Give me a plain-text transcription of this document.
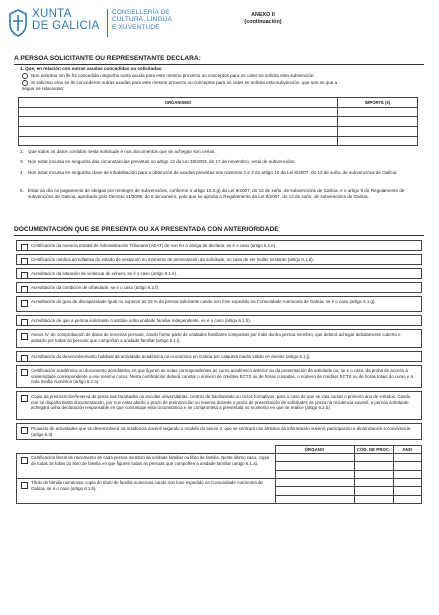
XUNTA
DE GALICIA
CONSELLERÍA DE
CULTURA, LINGUA
E XUVENTUDE
ANEXO II
(continuación)
A PERSOA SOLICITANTE OU REPRESENTANTE DECLARA:
1. Que, en relación con outras axudas concedidas ou solicitadas:
Non solicitou nin lle foi concedida ningunha outra axuda para este mesmo proxecto ou conceptos para os cales se solicita esta subvención.
Si solicitou e/ou se lle concederon outras axudas para este mesmo proxecto ou conceptos para os cales se solicita esta subvención, que son as que a
seguir se relacionan:
ORGANISMO	IMPORTE (€)

2. Que todos os datos contidos nesta solicitude e nos documentos que se achegan son certos.
3. Non estar incursa en ningunha das circunstancias previstas no artigo 13 da Lei 38/2003, do 17 de novembro, xeral de subvencións.
4. Non estar incursa en ningunha clase de inhabilitación para a obtención de axudas previstas nos números 2 e 3 do artigo 10 da Lei 9/2007, do 13 de xuño, de subvencións de Galicia.
5. Estar ao día no pagamento de obrigas por reintegro de subvencións, conforme o artigo 10.2.g) da Lei 9/2007, do 13 de xuño, de subvencións de Galicia, e o artigo 9 do Regulamento de subvencións de Galicia, aprobado polo Decreto 11/2009, do 8 de xaneiro, polo que se aproba o Regulamento da Lei 9/2007, do 13 de xuño, de subvencións de Galicia.
DOCUMENTACIÓN QUE SE PRESENTA OU XA PRESENTADA CON ANTERIORIDADE
Certificación da Axencia Estatal de Administración Tributaria (AEAT) de non ter a obriga de declarar, se é o caso (artigo 6.1.e).
Certificación médica acreditativa do estado de xestación no momento de presentación da solicitude, no caso de ser muller xestante (artigo 6.1.d).
Acreditación da situación de violencia de xénero, se é o caso (artigo 6.1.e).
Acreditación da condición de orfandade, se é o caso (artigo 6.1.f).
Acreditación do grao de discapacidade igual ou superior ao 33 % da persoa solicitante cando non fose expedido na Comunidade Autónoma de Galicia, se é o caso (artigo 6.1.g).
Acreditación de que a persoa solicitante constitúe unha unidade familiar independente, se é o caso (artigo 6.1.h).
Anexo IV, de comprobación de datos de terceiras persoas, cando forme parte de unidades familiares compostas por máis dunha persoa membro, que deberá achegar debidamente cuberto e asinado por todas as persoas que compoñan a unidade familiar (artigo 6.1.i).
Acreditación do desenvolvemento habitual da actividade académica ou económica en Galicia por calquera medio válido en dereito (artigo 6.1.j).
Certificación académica ou documento acreditativo en que figuren as notas correspondentes ao curso académico anterior ao da presentación da solicitude ou, se é o caso, da proba de acceso á universidade correspondente a ese mesmo curso. Nesta certificación deberá constar o número de créditos ECTS ou de horas cursadas, o número de créditos ECTS ou de horas totais do curso e a nota media numérica (artigo 6.2.a).
Copia da preinscrición/reserva de praza nas facultades ou escolas universitarias, centros de bacharelato ou ciclos formativos, para o caso de que se vaia cursar o primeiro ano de estudos. Cando non se dispoña desta documentación, por non estar aberto o prazo de preinscrición ou reserva durante o prazo de presentación de solicitudes de praza na residencia xuvenil, a persoa solicitante achegará unha declaración responsable en que comunique esta circunstancia e se comprometa a presentala no momento en que se realice (artigo 6.2.b).
Proxecto de actividades que se desenvolverá na residencia xuvenil segundo o modelo do anexo V, que se centrará nos ámbitos da información xuvenil, participación e dinamización e convivencia (artigo 6.3).
	ÓRGANO	CÓD. DE PROC.	ANO

Certificación literal de nacemento de cada persoa membro da unidade familiar ou libro de familia. Neste último caso, copia de todas as follas do libro de familia en que figuren todas as persoas que compoñen a unidade familiar (artigo 6.1.a).			

Título de familia numerosa: copia do título de familia numerosa cando non fose expedido na Comunidade Autónoma de Galicia, se é o caso (artigo 6.1.b).			
